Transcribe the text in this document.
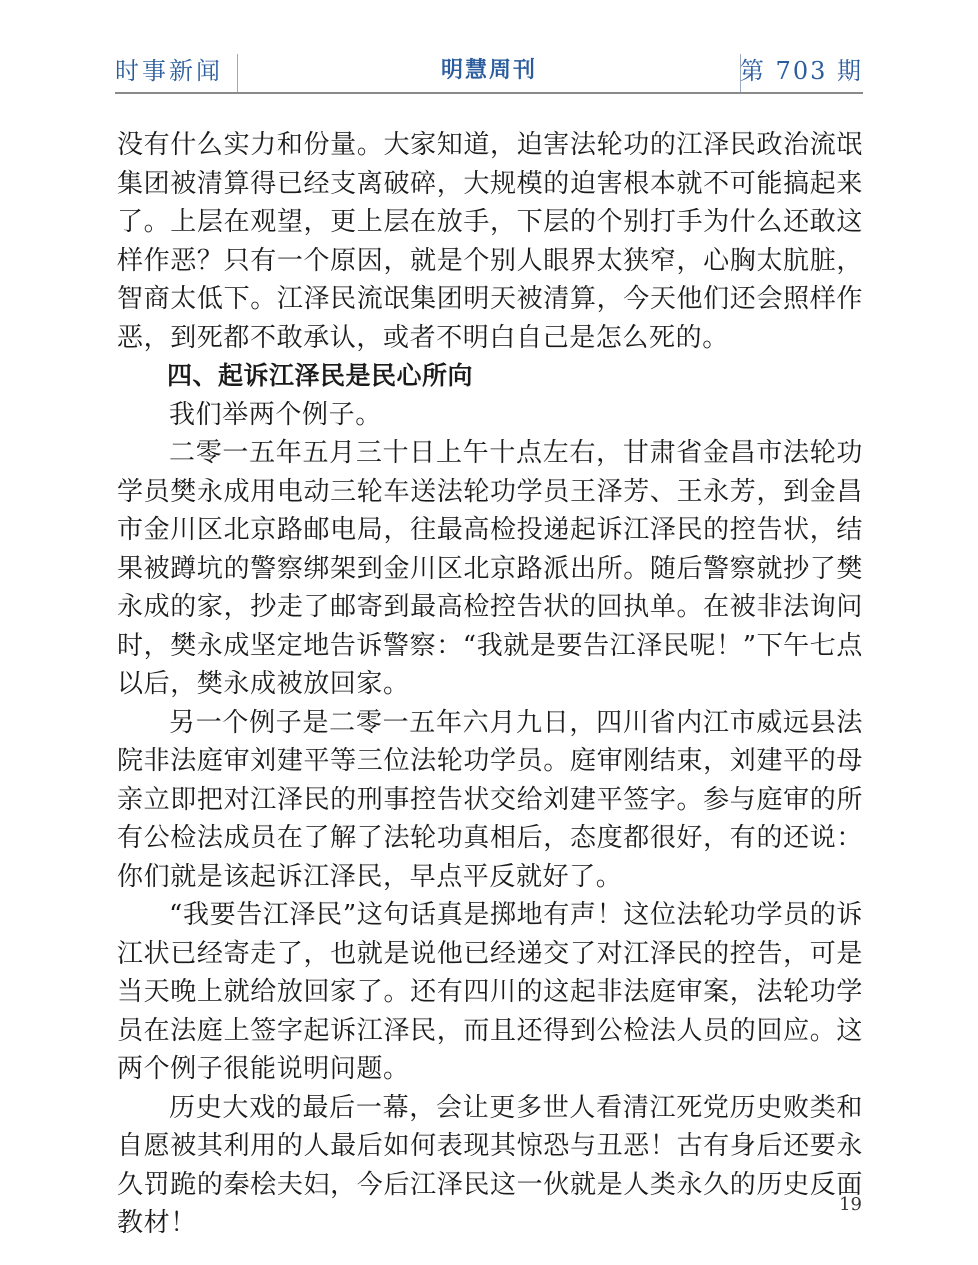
时事新闻	明慧周刊	第 703 期

没有什么实力和份量。大家知道，迫害法轮功的江泽民政治流氓集团被清算得已经支离破碎，大规模的迫害根本就不可能搞起来了。上层在观望，更上层在放手，下层的个别打手为什么还敢这样作恶？只有一个原因，就是个别人眼界太狭窄，心胸太肮脏，智商太低下。江泽民流氓集团明天被清算，今天他们还会照样作恶，到死都不敢承认，或者不明白自己是怎么死的。

四、起诉江泽民是民心所向

我们举两个例子。

二零一五年五月三十日上午十点左右，甘肃省金昌市法轮功学员樊永成用电动三轮车送法轮功学员王泽芳、王永芳，到金昌市金川区北京路邮电局，往最高检投递起诉江泽民的控告状，结果被蹲坑的警察绑架到金川区北京路派出所。随后警察就抄了樊永成的家，抄走了邮寄到最高检控告状的回执单。在被非法询问时，樊永成坚定地告诉警察：“我就是要告江泽民呢！”下午七点以后，樊永成被放回家。

另一个例子是二零一五年六月九日，四川省内江市威远县法院非法庭审刘建平等三位法轮功学员。庭审刚结束，刘建平的母亲立即把对江泽民的刑事控告状交给刘建平签字。参与庭审的所有公检法成员在了解了法轮功真相后，态度都很好，有的还说：你们就是该起诉江泽民，早点平反就好了。

“我要告江泽民”这句话真是掷地有声！这位法轮功学员的诉江状已经寄走了，也就是说他已经递交了对江泽民的控告，可是当天晚上就给放回家了。还有四川的这起非法庭审案，法轮功学员在法庭上签字起诉江泽民，而且还得到公检法人员的回应。这两个例子很能说明问题。

历史大戏的最后一幕，会让更多世人看清江死党历史败类和自愿被其利用的人最后如何表现其惊恐与丑恶！古有身后还要永久罚跪的秦桧夫妇，今后江泽民这一伙就是人类永久的历史反面教材！

19
